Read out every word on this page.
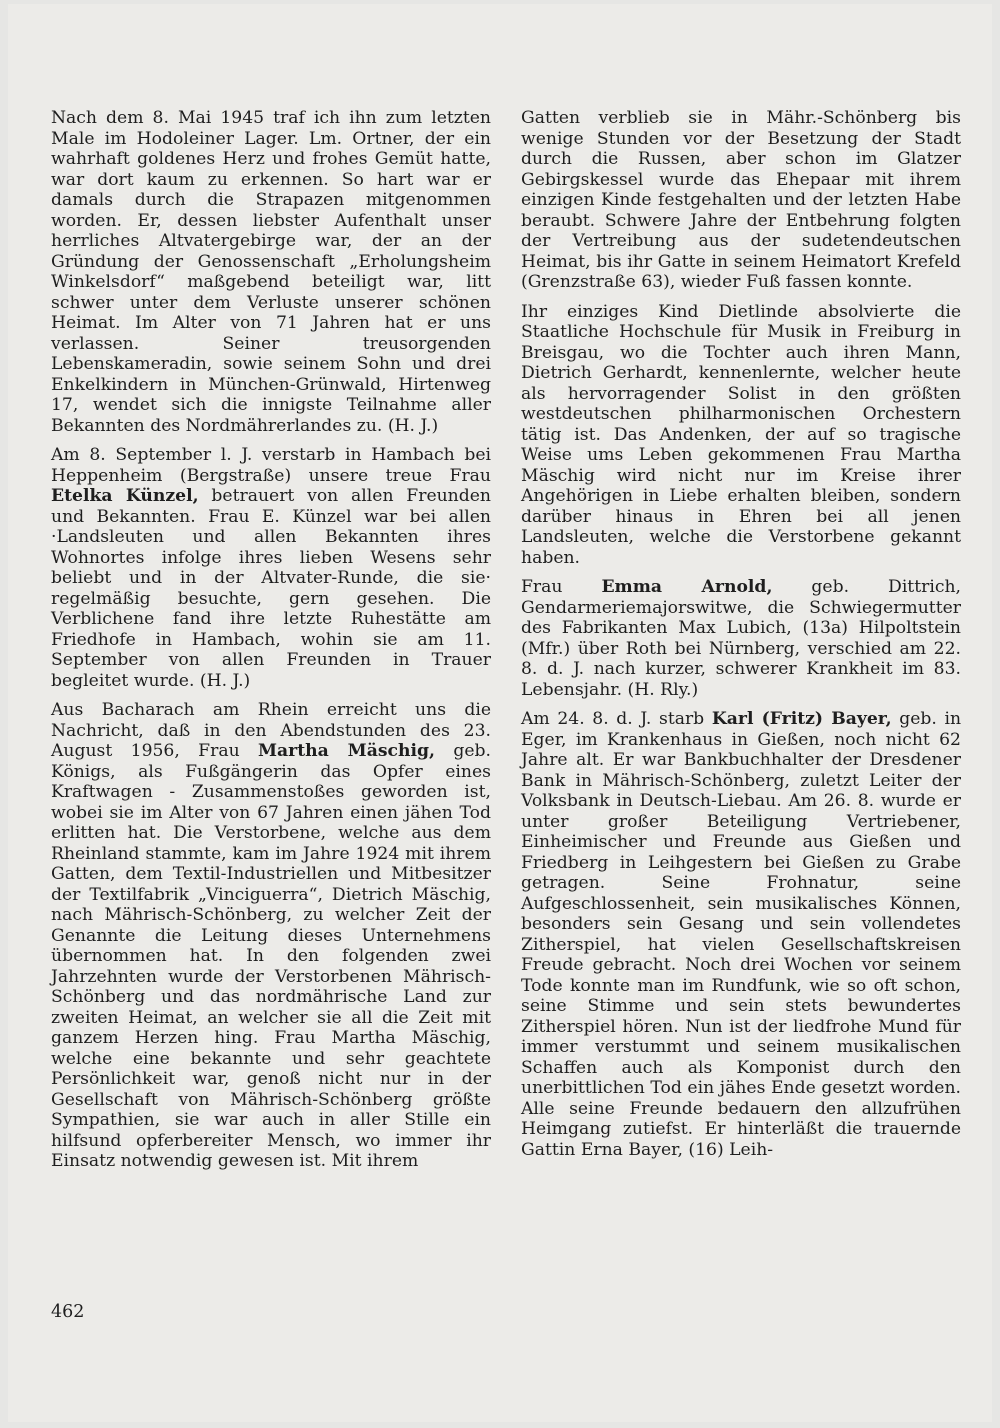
Nach dem 8. Mai 1945 traf ich ihn zum letzten Male im Hodoleiner Lager. Lm. Ortner, der ein wahrhaft goldenes Herz und frohes Gemüt hatte, war dort kaum zu erkennen. So hart war er damals durch die Strapazen mitgenommen worden. Er, dessen liebster Aufenthalt unser herrliches Altvatergebirge war, der an der Gründung der Genossenschaft „Erholungsheim Winkelsdorf“ maßgebend beteiligt war, litt schwer unter dem Verluste unserer schönen Heimat. Im Alter von 71 Jahren hat er uns verlassen. Seiner treusorgenden Lebenskameradin, sowie seinem Sohn und drei Enkelkindern in München-Grünwald, Hirtenweg 17, wendet sich die innigste Teilnahme aller Bekannten des Nordmährerlandes zu. (H. J.)

Am 8. September l. J. verstarb in Hambach bei Heppenheim (Bergstraße) unsere treue Frau Etelka Künzel, betrauert von allen Freunden und Bekannten. Frau E. Künzel war bei allen ·Landsleuten und allen Bekannten ihres Wohnortes infolge ihres lieben Wesens sehr beliebt und in der Altvater-Runde, die sie· regelmäßig besuchte, gern gesehen. Die Verblichene fand ihre letzte Ruhestätte am Friedhofe in Hambach, wohin sie am 11. September von allen Freunden in Trauer begleitet wurde. (H. J.)

Aus Bacharach am Rhein erreicht uns die Nachricht, daß in den Abendstunden des 23. August 1956, Frau Martha Mäschig, geb. Königs, als Fußgängerin das Opfer eines Kraftwagen - Zusammenstoßes geworden ist, wobei sie im Alter von 67 Jahren einen jähen Tod erlitten hat. Die Verstorbene, welche aus dem Rheinland stammte, kam im Jahre 1924 mit ihrem Gatten, dem Textil-Industriellen und Mitbesitzer der Textilfabrik „Vinciguerra“, Dietrich Mäschig, nach Mährisch-Schönberg, zu welcher Zeit der Genannte die Leitung dieses Unternehmens übernommen hat. In den folgenden zwei Jahrzehnten wurde der Verstorbenen Mährisch-Schönberg und das nordmährische Land zur zweiten Heimat, an welcher sie all die Zeit mit ganzem Herzen hing. Frau Martha Mäschig, welche eine bekannte und sehr geachtete Persönlichkeit war, genoß nicht nur in der Gesellschaft von Mährisch-Schönberg größte Sympathien, sie war auch in aller Stille ein hilfsund opferbereiter Mensch, wo immer ihr Einsatz notwendig gewesen ist. Mit ihrem

Gatten verblieb sie in Mähr.-Schönberg bis wenige Stunden vor der Besetzung der Stadt durch die Russen, aber schon im Glatzer Gebirgskessel wurde das Ehepaar mit ihrem einzigen Kinde festgehalten und der letzten Habe beraubt. Schwere Jahre der Entbehrung folgten der Vertreibung aus der sudetendeutschen Heimat, bis ihr Gatte in seinem Heimatort Krefeld (Grenzstraße 63), wieder Fuß fassen konnte.

Ihr einziges Kind Dietlinde absolvierte die Staatliche Hochschule für Musik in Freiburg in Breisgau, wo die Tochter auch ihren Mann, Dietrich Gerhardt, kennenlernte, welcher heute als hervorragender Solist in den größten westdeutschen philharmonischen Orchestern tätig ist. Das Andenken, der auf so tragische Weise ums Leben gekommenen Frau Martha Mäschig wird nicht nur im Kreise ihrer Angehörigen in Liebe erhalten bleiben, sondern darüber hinaus in Ehren bei all jenen Landsleuten, welche die Verstorbene gekannt haben.

Frau Emma Arnold, geb. Dittrich, Gendarmeriemajorswitwe, die Schwiegermutter des Fabrikanten Max Lubich, (13a) Hilpoltstein (Mfr.) über Roth bei Nürnberg, verschied am 22. 8. d. J. nach kurzer, schwerer Krankheit im 83. Lebensjahr. (H. Rly.)

Am 24. 8. d. J. starb Karl (Fritz) Bayer, geb. in Eger, im Krankenhaus in Gießen, noch nicht 62 Jahre alt. Er war Bankbuchhalter der Dresdener Bank in Mährisch-Schönberg, zuletzt Leiter der Volksbank in Deutsch-Liebau. Am 26. 8. wurde er unter großer Beteiligung Vertriebener, Einheimischer und Freunde aus Gießen und Friedberg in Leihgestern bei Gießen zu Grabe getragen. Seine Frohnatur, seine Aufgeschlossenheit, sein musikalisches Können, besonders sein Gesang und sein vollendetes Zitherspiel, hat vielen Gesellschaftskreisen Freude gebracht. Noch drei Wochen vor seinem Tode konnte man im Rundfunk, wie so oft schon, seine Stimme und sein stets bewundertes Zitherspiel hören. Nun ist der liedfrohe Mund für immer verstummt und seinem musikalischen Schaffen auch als Komponist durch den unerbittlichen Tod ein jähes Ende gesetzt worden. Alle seine Freunde bedauern den allzufrühen Heimgang zutiefst. Er hinterläßt die trauernde Gattin Erna Bayer, (16) Leih-

462
